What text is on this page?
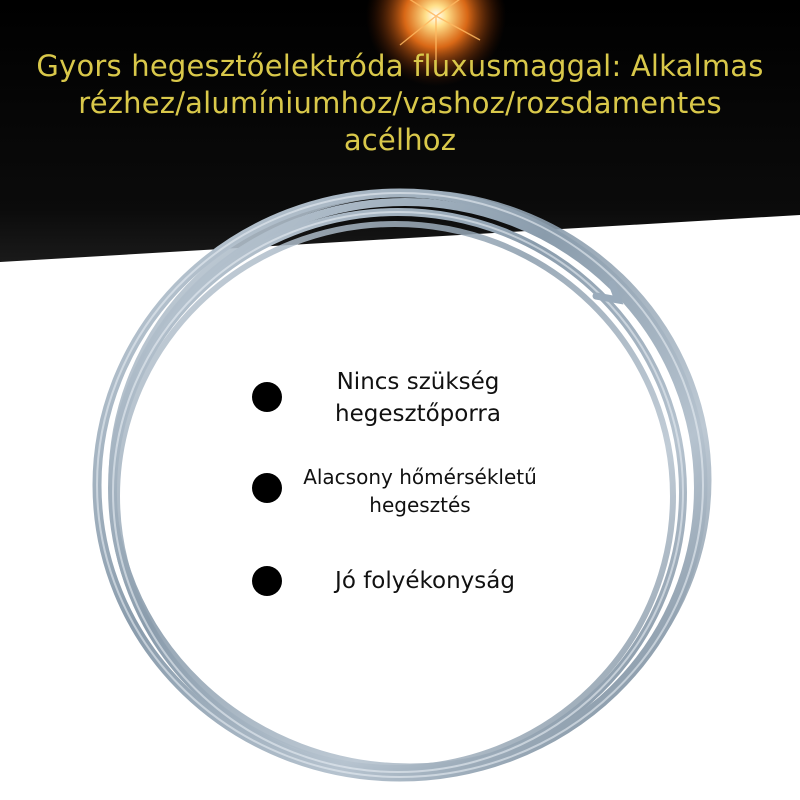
Gyors hegesztőelektróda fluxusmaggal: Alkalmas
rézhez/alumíniumhoz/vashoz/rozsdamentes
acélhoz
Nincs szükség
hegesztőporra
Alacsony hőmérsékletű
hegesztés
Jó folyékonyság
